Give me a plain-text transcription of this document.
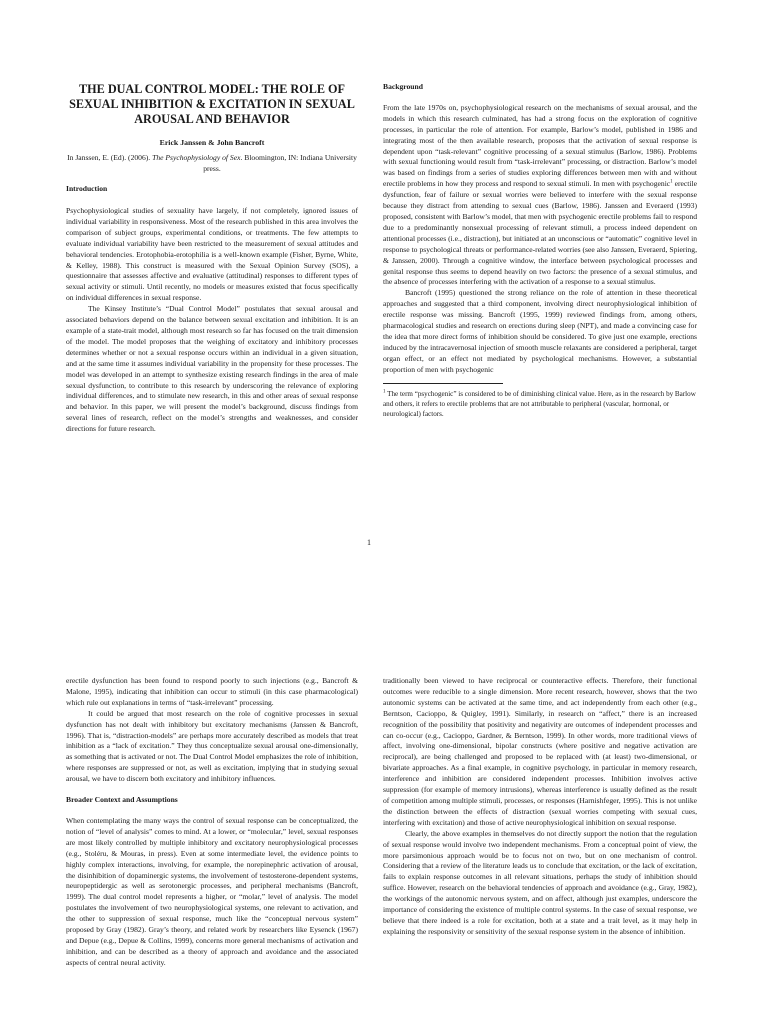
THE DUAL CONTROL MODEL: THE ROLE OF SEXUAL INHIBITION & EXCITATION IN SEXUAL AROUSAL AND BEHAVIOR

Erick Janssen & John Bancroft

In Janssen, E. (Ed). (2006). The Psychophysiology of Sex. Bloomington, IN: Indiana University press.

Introduction

Psychophysiological studies of sexuality have largely, if not completely, ignored issues of individual variability in responsiveness. Most of the research published in this area involves the comparison of subject groups, experimental conditions, or treatments. The few attempts to evaluate individual variability have been restricted to the measurement of sexual attitudes and behavioral tendencies. Erotophobia-erotophilia is a well-known example (Fisher, Byrne, White, & Kelley, 1988). This construct is measured with the Sexual Opinion Survey (SOS), a questionnaire that assesses affective and evaluative (attitudinal) responses to different types of sexual activity or stimuli. Until recently, no models or measures existed that focus specifically on individual differences in sexual response.

The Kinsey Institute’s “Dual Control Model” postulates that sexual arousal and associated behaviors depend on the balance between sexual excitation and inhibition. It is an example of a state-trait model, although most research so far has focused on the trait dimension of the model. The model proposes that the weighing of excitatory and inhibitory processes determines whether or not a sexual response occurs within an individual in a given situation, and at the same time it assumes individual variability in the propensity for these processes. The model was developed in an attempt to synthesize existing research findings in the area of male sexual dysfunction, to contribute to this research by underscoring the relevance of exploring individual differences, and to stimulate new research, in this and other areas of sexual response and behavior. In this paper, we will present the model’s background, discuss findings from several lines of research, reflect on the model’s strengths and weaknesses, and consider directions for future research.

Background

From the late 1970s on, psychophysiological research on the mechanisms of sexual arousal, and the models in which this research culminated, has had a strong focus on the exploration of cognitive processes, in particular the role of attention. For example, Barlow’s model, published in 1986 and integrating most of the then available research, proposes that the activation of sexual response is dependent upon “task-relevant” cognitive processing of a sexual stimulus (Barlow, 1986). Problems with sexual functioning would result from “task-irrelevant” processing, or distraction. Barlow’s model was based on findings from a series of studies exploring differences between men with and without erectile problems in how they process and respond to sexual stimuli. In men with psychogenic$^1$ erectile dysfunction, fear of failure or sexual worries were believed to interfere with the sexual response because they distract from attending to sexual cues (Barlow, 1986). Janssen and Everaerd (1993) proposed, consistent with Barlow’s model, that men with psychogenic erectile problems fail to respond due to a predominantly nonsexual processing of relevant stimuli, a process indeed dependent on attentional processes (i.e., distraction), but initiated at an unconscious or “automatic” cognitive level in response to psychological threats or performance-related worries (see also Janssen, Everaerd, Spiering, & Janssen, 2000). Through a cognitive window, the interface between psychological processes and genital response thus seems to depend heavily on two factors: the presence of a sexual stimulus, and the absence of processes interfering with the activation of a response to a sexual stimulus.

Bancroft (1995) questioned the strong reliance on the role of attention in these theoretical approaches and suggested that a third component, involving direct neurophysiological inhibition of erectile response was missing. Bancroft (1995, 1999) reviewed findings from, among others, pharmacological studies and research on erections during sleep (NPT), and made a convincing case for the idea that more direct forms of inhibition should be considered. To give just one example, erections induced by the intracavernosal injection of smooth muscle relaxants are considered a peripheral, target organ effect, or an effect not mediated by psychological mechanisms. However, a substantial proportion of men with psychogenic

$^1$ The term “psychogenic” is considered to be of diminishing clinical value. Here, as in the research by Barlow and others, it refers to erectile problems that are not attributable to peripheral (vascular, hormonal, or neurological) factors.

1

erectile dysfunction has been found to respond poorly to such injections (e.g., Bancroft & Malone, 1995), indicating that inhibition can occur to stimuli (in this case pharmacological) which rule out explanations in terms of “task-irrelevant” processing.

It could be argued that most research on the role of cognitive processes in sexual dysfunction has not dealt with inhibitory but excitatory mechanisms (Janssen & Bancroft, 1996). That is, “distraction-models” are perhaps more accurately described as models that treat inhibition as a “lack of excitation.” They thus conceptualize sexual arousal one-dimensionally, as something that is activated or not. The Dual Control Model emphasizes the role of inhibition, where responses are suppressed or not, as well as excitation, implying that in studying sexual arousal, we have to discern both excitatory and inhibitory influences.

Broader Context and Assumptions

When contemplating the many ways the control of sexual response can be conceptualized, the notion of “level of analysis” comes to mind. At a lower, or “molecular,” level, sexual responses are most likely controlled by multiple inhibitory and excitatory neurophysiological processes (e.g., Stoléru, & Mouras, in press). Even at some intermediate level, the evidence points to highly complex interactions, involving, for example, the norepinephric activation of arousal, the disinhibition of dopaminergic systems, the involvement of testosterone-dependent systems, neuropeptidergic as well as serotonergic processes, and peripheral mechanisms (Bancroft, 1999). The dual control model represents a higher, or “molar,” level of analysis. The model postulates the involvement of two neurophysiological systems, one relevant to activation, and the other to suppression of sexual response, much like the “conceptual nervous system” proposed by Gray (1982). Gray’s theory, and related work by researchers like Eysenck (1967) and Depue (e.g., Depue & Collins, 1999), concerns more general mechanisms of activation and inhibition, and can be described as a theory of approach and avoidance and the associated aspects of central neural activity.

traditionally been viewed to have reciprocal or counteractive effects. Therefore, their functional outcomes were reducible to a single dimension. More recent research, however, shows that the two autonomic systems can be activated at the same time, and act independently from each other (e.g., Berntson, Cacioppo, & Quigley, 1991). Similarly, in research on “affect,” there is an increased recognition of the possibility that positivity and negativity are outcomes of independent processes and can co-occur (e.g., Cacioppo, Gardner, & Berntson, 1999). In other words, more traditional views of affect, involving one-dimensional, bipolar constructs (where positive and negative activation are reciprocal), are being challenged and proposed to be replaced with (at least) two-dimensional, or bivariate approaches. As a final example, in cognitive psychology, in particular in memory research, interference and inhibition are considered independent processes. Inhibition involves active suppression (for example of memory intrusions), whereas interference is usually defined as the result of competition among multiple stimuli, processes, or responses (Harnishfeger, 1995). This is not unlike the distinction between the effects of distraction (sexual worries competing with sexual cues, interfering with excitation) and those of active neurophysiological inhibition on sexual response.

Clearly, the above examples in themselves do not directly support the notion that the regulation of sexual response would involve two independent mechanisms. From a conceptual point of view, the more parsimonious approach would be to focus not on two, but on one mechanism of control. Considering that a review of the literature leads us to conclude that excitation, or the lack of excitation, fails to explain response outcomes in all relevant situations, perhaps the study of inhibition should suffice. However, research on the behavioral tendencies of approach and avoidance (e.g., Gray, 1982), the workings of the autonomic nervous system, and on affect, although just examples, underscore the importance of considering the existence of multiple control systems. In the case of sexual response, we believe that there indeed is a role for excitation, both at a state and a trait level, as it may help in explaining the responsivity or sensitivity of the sexual response system in the absence of inhibition.
